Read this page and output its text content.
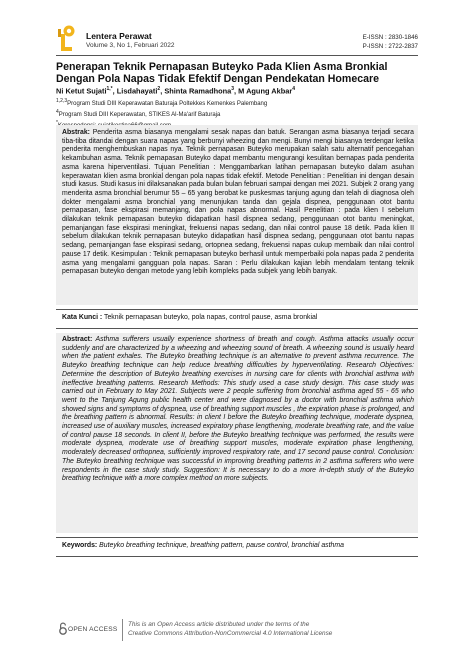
Lentera Perawat
Volume 3, No 1, Februari 2022
E-ISSN : 2830-1846
P-ISSN : 2722-2837
Penerapan Teknik Pernapasan Buteyko Pada Klien Asma Bronkial Dengan Pola Napas Tidak Efektif Dengan Pendekatan Homecare
Ni Ketut Sujati$^{1,*}$, Lisdahayati$^2$, Shinta Ramadhona$^3$, M Agung Akbar$^4$
$^{1,2,3}$Program Studi DIII Keperawatan Baturaja Poltekkes Kemenkes Palembang
$^4$Program Studi DIII Keperawatan, STIKES Al-Ma'arif Baturaja
*
Abstrak: Penderita asma biasanya mengalami sesak napas dan batuk. Serangan asma biasanya terjadi secara tiba-tiba ditandai dengan suara napas yang berbunyi wheezing dan mengi. Bunyi mengi biasanya terdengar ketika penderita menghembuskan napas nya. Teknik pernapasan Buteyko merupakan salah satu alternatif pencegahan kekambuhan asma. Teknik pernapasan Buteyko dapat membantu mengurangi kesulitan bernapas pada penderita asma karena hiperventilasi. Tujuan Penelitian : Menggambarkan latihan pernapasan buteyko dalam asuhan keperawatan klien asma bronkial dengan pola napas tidak efektif. Metode Penelitian : Penelitian ini dengan desain studi kasus. Studi kasus ini dilaksanakan pada bulan bulan februari sampai dengan mei 2021. Subjek 2 orang yang menderita asma bronchial berumur 55 – 65 yang berobat ke puskesmas tanjung agung dan telah di diagnosa oleh dokter mengalami asma bronchial yang menunjukan tanda dan gejala dispnea, penggunaan otot bantu pernapasan, fase ekspirasi memanjang, dan pola napas abnormal. Hasil Penelitian : pada klien I sebelum dilakukan teknik pernapasan buteyko didapatkan hasil dispnea sedang, penggunaan otot bantu meningkat, pemanjangan fase ekspirasi meningkat, frekuensi napas sedang, dan nilai control pause 18 detik. Pada klien II sebelum dilakukan teknik pernapasan buteyko didapatkan hasil dispnea sedang, penggunaan otot bantu napas sedang, pemanjangan fase ekspirasi sedang, ortopnea sedang, frekuensi napas cukup membaik dan nilai control pause 17 detik. Kesimpulan : Teknik pernapasan buteyko berhasil untuk memperbaiki pola napas pada 2 penderita asma yang mengalami gangguan pola napas. Saran : Perlu dilakukan kajian lebih mendalam tentang teknik pernapasan buteyko dengan metode yang lebih kompleks pada subjek yang lebih banyak.
Kata Kunci : Teknik pernapasan buteyko, pola napas, control pause, asma bronkial
Abstract: Asthma sufferers usually experience shortness of breath and cough. Asthma attacks usually occur suddenly and are characterized by a wheezing and wheezing sound of breath. A wheezing sound is usually heard when the patient exhales. The Buteyko breathing technique is an alternative to prevent asthma recurrence. The Buteyko breathing technique can help reduce breathing difficulties by hyperventilating. Research Objectives: Determine the description of Buteyko breathing exercises in nursing care for clients with bronchial asthma with ineffective breathing patterns. Research Methods: This study used a case study design. This case study was carried out in February to May 2021. Subjects were 2 people suffering from bronchial asthma aged 55 - 65 who went to the Tanjung Agung public health center and were diagnosed by a doctor with bronchial asthma which showed signs and symptoms of dyspnea, use of breathing support muscles , the expiration phase is prolonged, and the breathing pattern is abnormal. Results: in client I before the Buteyko breathing technique, moderate dyspnea, increased use of auxiliary muscles, increased expiratory phase lengthening, moderate breathing rate, and the value of control pause 18 seconds. In client II, before the Buteyko breathing technique was performed, the results were moderate dyspnea, moderate use of breathing support muscles, moderate expiration phase lengthening, moderately decreased orthopnea, sufficiently improved respiratory rate, and 17 second pause control. Conclusion: The Buteyko breathing technique was successful in improving breathing patterns in 2 asthma sufferers who were respondents in the case study study. Suggestion: It is necessary to do a more in-depth study of the Buteyko breathing technique with a more complex method on more subjects.
Keywords: Buteyko breathing technique, breathing pattern, pause control, bronchial asthma
OPEN ACCESS
This is an Open Access article distributed under the terms of the
Creative Commons Attribution-NonCommercial 4.0 International License
